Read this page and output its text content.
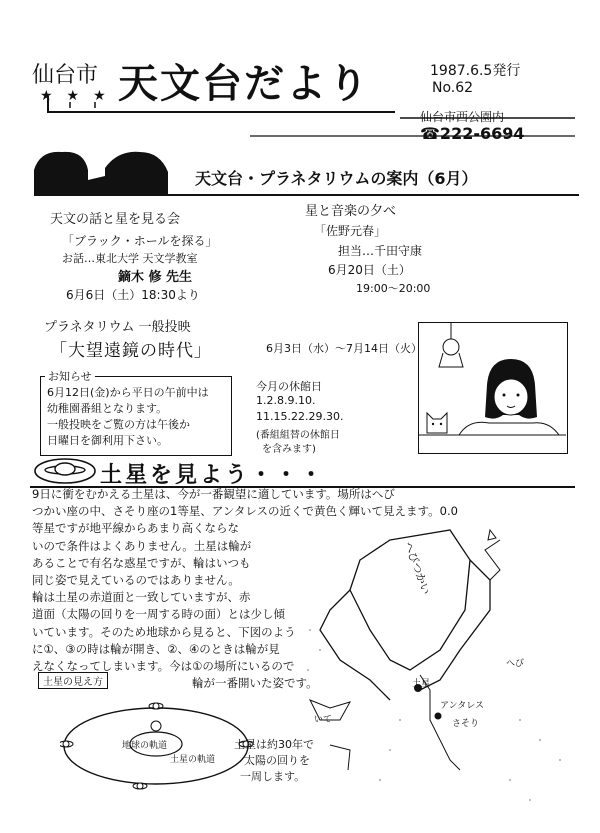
仙台市 天文台だより
★★★
1987.6.5発行
No.62
仙台市西公園内
☎222-6694
天文台・プラネタリウムの案内（6月）
天文の話と星を見る会
「ブラック・ホールを探る」
お話…東北大学 天文学教室
鏑木 修 先生
6月6日（土）18:30より
星と音楽の夕べ
「佐野元春」
担当…千田守康
6月20日（土）
19:00〜20:00
プラネタリウム 一般投映
「大望遠鏡の時代」	6月3日（水）〜7月14日（火）
お知らせ
6月12日(金)から平日の午前中は
幼稚園番組となります。
一般投映をご覧の方は午後か
日曜日を御利用下さい。
今月の休館日
1.2.8.9.10.
11.15.22.29.30.
(番組組替の休館日
を含みます)
土星を見よう・・・
9日に衝をむかえる土星は、今が一番観望に適しています。場所はへび
つかい座の中、さそり座の1等星、アンタレスの近くで黄色く輝いて見えます。0.0
等星ですが地平線からあまり高くならな
いので条件はよくありません。土星は輪が
あることで有名な惑星ですが、輪はいつも
同じ姿で見えているのではありません。
輪は土星の赤道面と一致していますが、赤
道面（太陽の回りを一周する時の面）とは少し傾
いています。そのため地球から見ると、下図のよう
に①、③の時は輪が開き、②、④のときは輪が見
えなくなってしまいます。今は①の場所にいるので
輪が一番開いた姿です。
土星の見え方
地球の軌道
土星の軌道
土星は約30年で
太陽の回りを
一周します。
へびつかい
へび
土星
アンタレス
さそり
いて
